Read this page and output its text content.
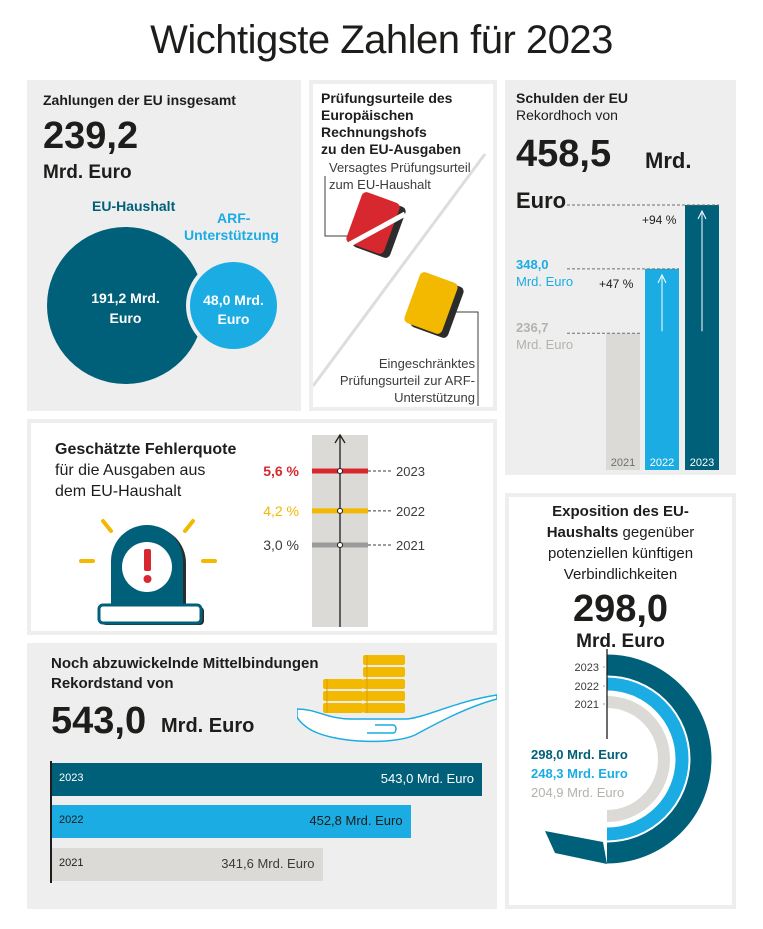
Wichtigste Zahlen für 2023
Zahlungen der EU insgesamt
239,2
Mrd. Euro
EU-Haushalt
ARF-
Unterstützung
191,2 Mrd.
Euro
48,0 Mrd.
Euro
Prüfungsurteile des
Europäischen
Rechnungshofs
zu den EU-Ausgaben
Versagtes Prüfungsurteil
zum EU-Haushalt
Eingeschränktes
Prüfungsurteil zur ARF-
Unterstützung
Schulden der EU
Rekordhoch von
458,5 Mrd.
Euro
348,0
Mrd. Euro
236,7
Mrd. Euro
+94 %
+47 %
2021 2022 2023
Geschätzte Fehlerquote
für die Ausgaben aus
dem EU-Haushalt
5,6 %	2023
4,2 %	2022
3,0 %	2021
Noch abzuwickelnde Mittelbindungen
Rekordstand von
543,0 Mrd. Euro
2023	543,0 Mrd. Euro
2022	452,8 Mrd. Euro
2021	341,6 Mrd. Euro
Exposition des EU-
Haushalts gegenüber
potenziellen künftigen
Verbindlichkeiten
298,0
Mrd. Euro
2023
2022
2021
298,0 Mrd. Euro
248,3 Mrd. Euro
204,9 Mrd. Euro
